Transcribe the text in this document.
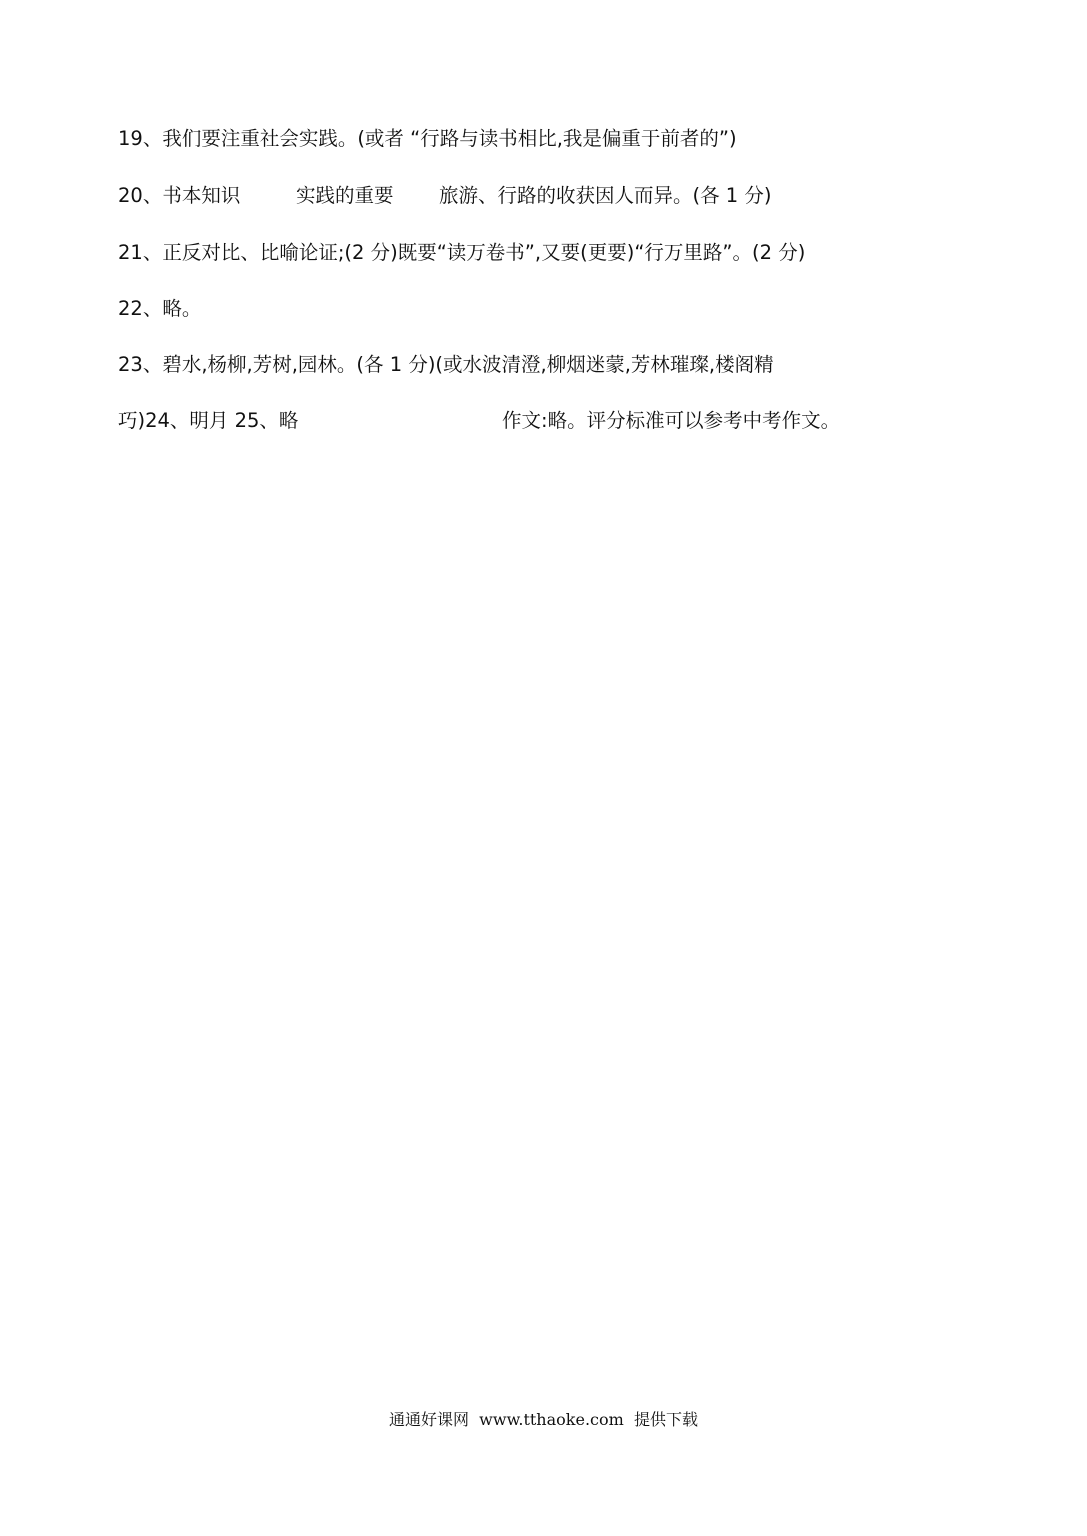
19、我们要注重社会实践。(或者 “行路与读书相比,我是偏重于前者的”)

20、书本知识

	实践的重要

旅游、行路的收获因人而异。(各 1 分)

21、正反对比、比喻论证;(2 分)既要“读万卷书”,又要(更要)“行万里路”。(2 分)
22、略。
23、碧水,杨柳,芳树,园林。(各 1 分)(或水波清澄,柳烟迷蒙,芳林璀璨,楼阁精

巧)24、明月 25、略

	作文:略。评分标准可以参考中考作文。

通通好课网  www.tthaoke.com  提供下载
